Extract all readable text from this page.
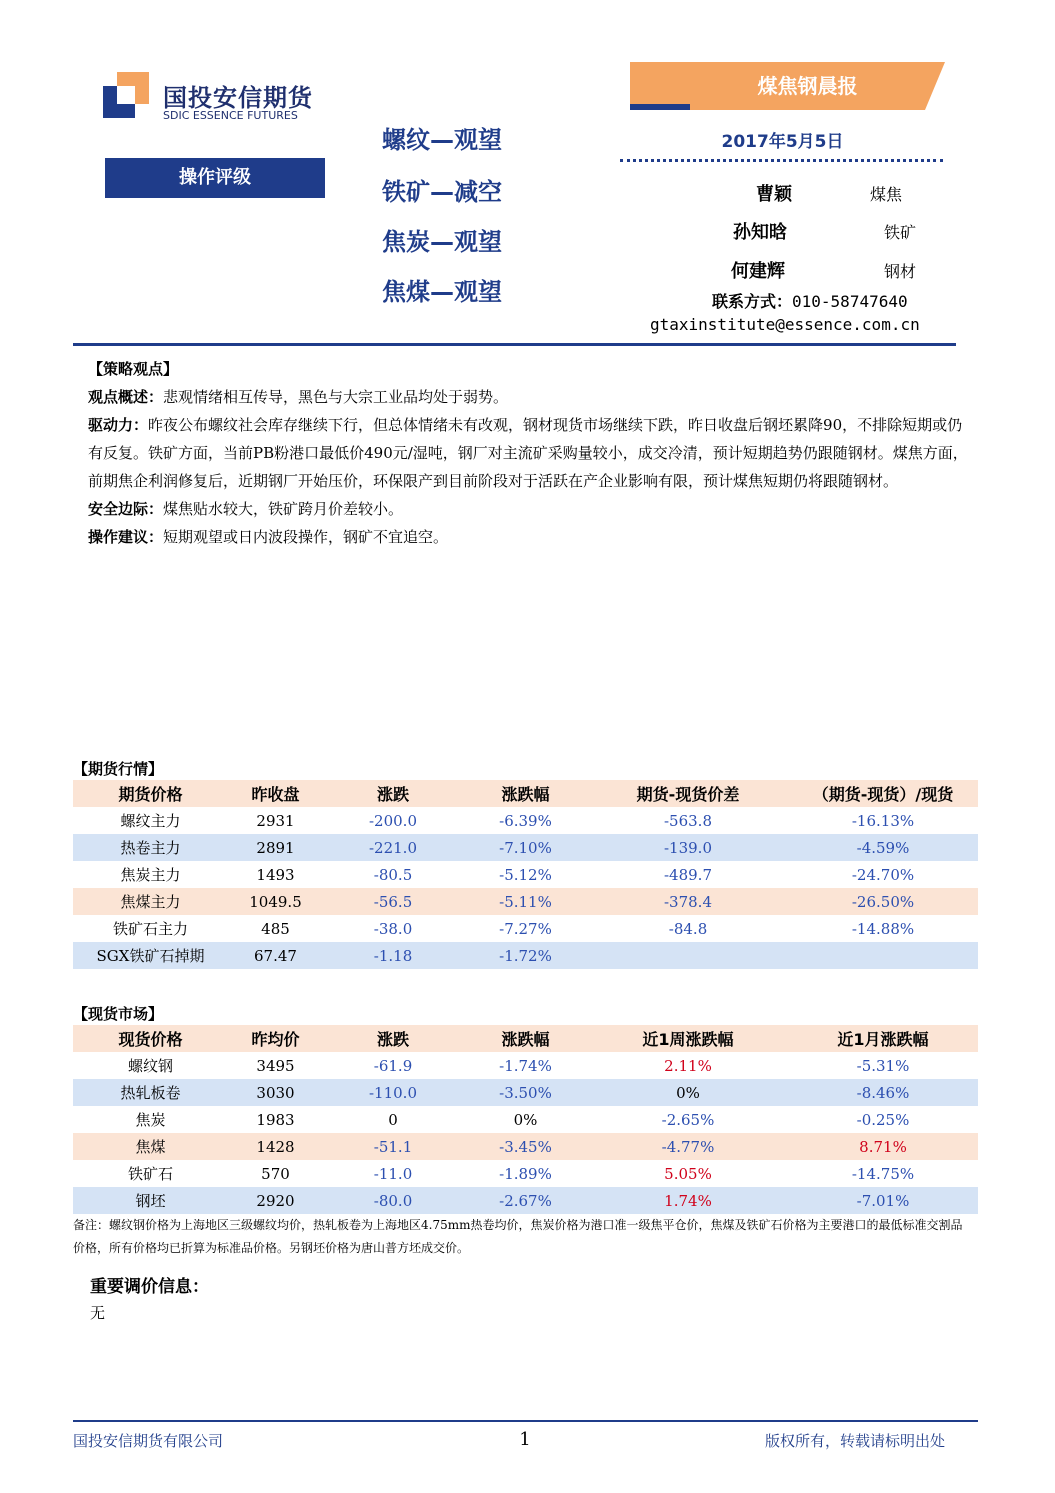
国投安信期货
SDIC ESSENCE FUTURES
煤焦钢晨报
2017年5月5日
操作评级
螺纹—观望
铁矿—减空
焦炭—观望
焦煤—观望
曹颖	煤焦
孙知晗	铁矿
何建辉	钢材
联系方式：010-58747640
gtaxinstitute@essence.com.cn

【策略观点】

观点概述：悲观情绪相互传导，黑色与大宗工业品均处于弱势。

驱动力：昨夜公布螺纹社会库存继续下行，但总体情绪未有改观，钢材现货市场继续下跌，昨日收盘后钢坯累降90，不排除短期或仍有反复。铁矿方面，当前PB粉港口最低价490元/湿吨，钢厂对主流矿采购量较小，成交冷清，预计短期趋势仍跟随钢材。煤焦方面，前期焦企利润修复后，近期钢厂开始压价，环保限产到目前阶段对于活跃在产企业影响有限，预计煤焦短期仍将跟随钢材。

安全边际：煤焦贴水较大，铁矿跨月价差较小。

操作建议：短期观望或日内波段操作，钢矿不宜追空。

【期货行情】
期货价格	昨收盘	涨跌	涨跌幅	期货-现货价差	（期货-现货）/现货
螺纹主力	2931	-200.0	-6.39%	-563.8	-16.13%
热卷主力	2891	-221.0	-7.10%	-139.0	-4.59%
焦炭主力	1493	-80.5	-5.12%	-489.7	-24.70%
焦煤主力	1049.5	-56.5	-5.11%	-378.4	-26.50%
铁矿石主力	485	-38.0	-7.27%	-84.8	-14.88%
SGX铁矿石掉期	67.47	-1.18	-1.72%		
【现货市场】
现货价格	昨均价	涨跌	涨跌幅	近1周涨跌幅	近1月涨跌幅
螺纹钢	3495	-61.9	-1.74%	2.11%	-5.31%
热轧板卷	3030	-110.0	-3.50%	0%	-8.46%
焦炭	1983	0	0%	-2.65%	-0.25%
焦煤	1428	-51.1	-3.45%	-4.77%	8.71%
铁矿石	570	-11.0	-1.89%	5.05%	-14.75%
钢坯	2920	-80.0	-2.67%	1.74%	-7.01%
备注：螺纹钢价格为上海地区三级螺纹均价，热轧板卷为上海地区4.75mm热卷均价，焦炭价格为港口准一级焦平仓价，焦煤及铁矿石价格为主要港口的最低标准交割品价格，所有价格均已折算为标准品价格。另钢坯价格为唐山普方坯成交价。
重要调价信息：
无
国投安信期货有限公司	1	版权所有，转载请标明出处
